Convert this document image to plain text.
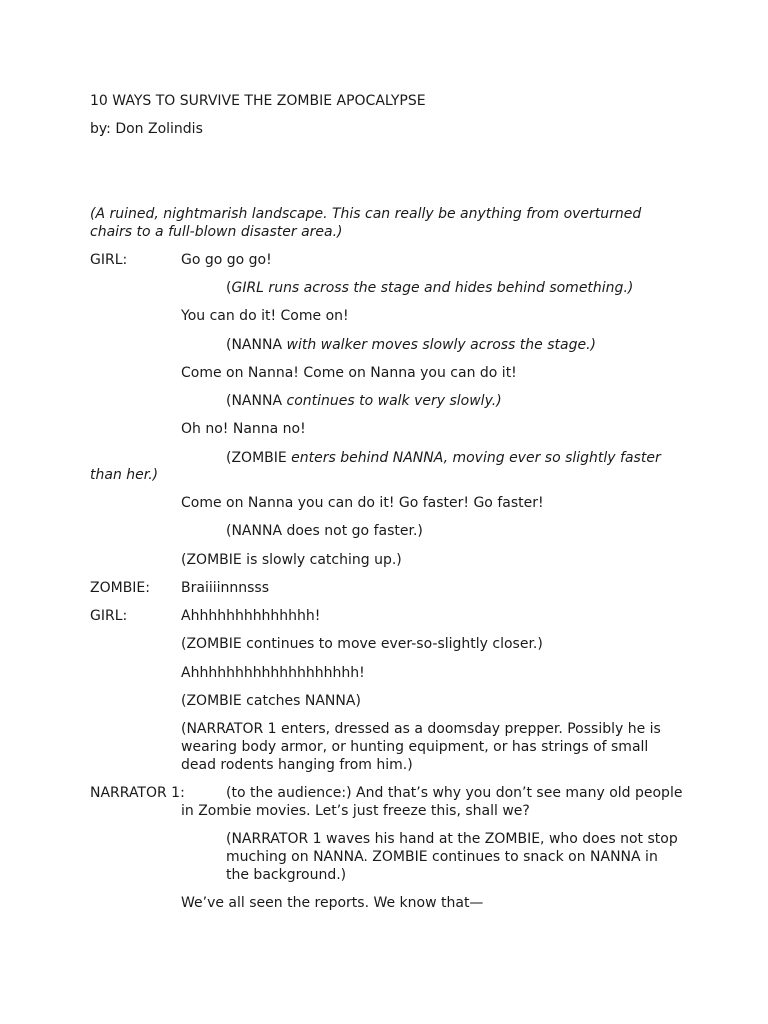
10 WAYS TO SURVIVE THE ZOMBIE APOCALYPSE

by: Don Zolindis

(A ruined, nightmarish landscape. This can really be anything from overturned

chairs to a full-blown disaster area.)

GIRL:	Go go go go!

(GIRL runs across the stage and hides behind something.)

You can do it! Come on!

(NANNA with walker moves slowly across the stage.)

Come on Nanna! Come on Nanna you can do it!

(NANNA continues to walk very slowly.)

Oh no! Nanna no!

(ZOMBIE enters behind NANNA, moving ever so slightly faster

than her.)

Come on Nanna you can do it! Go faster! Go faster!

(NANNA does not go faster.)

(ZOMBIE is slowly catching up.)

ZOMBIE: Braiiiinnnsss

GIRL:	Ahhhhhhhhhhhhhh!

(ZOMBIE continues to move ever-so-slightly closer.)

Ahhhhhhhhhhhhhhhhhhh!

(ZOMBIE catches NANNA)

(NARRATOR 1 enters, dressed as a doomsday prepper. Possibly he is

wearing body armor, or hunting equipment, or has strings of small

dead rodents hanging from him.)

NARRATOR 1:	(to the audience:) And that’s why you don’t see many old people

in Zombie movies. Let’s just freeze this, shall we?

(NARRATOR 1 waves his hand at the ZOMBIE, who does not stop

muching on NANNA. ZOMBIE continues to snack on NANNA in

the background.)

We’ve all seen the reports. We know that—
